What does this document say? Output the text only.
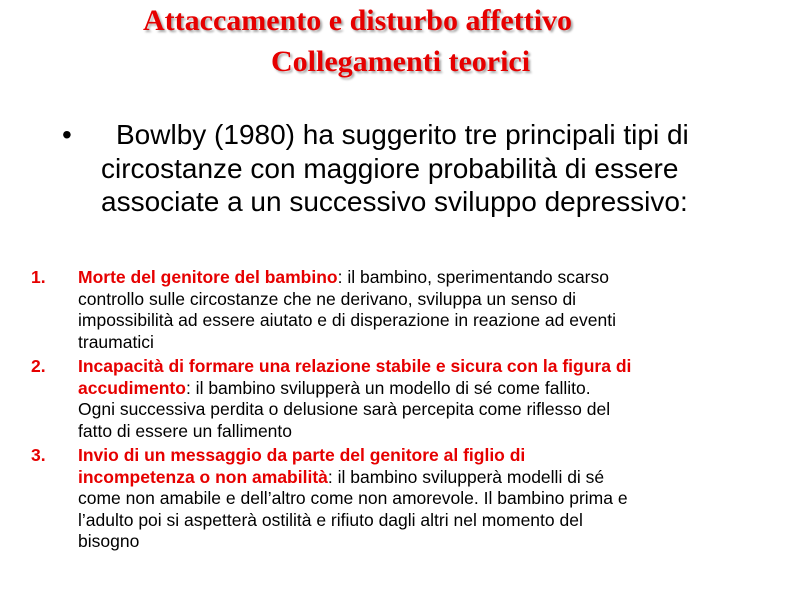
Attaccamento e disturbo affettivo
Collegamenti teorici
• Bowlby (1980) ha suggerito tre principali tipi di
circostanze con maggiore probabilità di essere
associate a un successivo sviluppo depressivo:
1. Morte del genitore del bambino: il bambino, sperimentando scarso
controllo sulle circostanze che ne derivano, sviluppa un senso di
impossibilità ad essere aiutato e di disperazione in reazione ad eventi
traumatici
2. Incapacità di formare una relazione stabile e sicura con la figura di
accudimento: il bambino svilupperà un modello di sé come fallito.
Ogni successiva perdita o delusione sarà percepita come riflesso del
fatto di essere un fallimento
3. Invio di un messaggio da parte del genitore al figlio di
incompetenza o non amabilità: il bambino svilupperà modelli di sé
come non amabile e dell’altro come non amorevole. Il bambino prima e
l’adulto poi si aspetterà ostilità e rifiuto dagli altri nel momento del
bisogno
